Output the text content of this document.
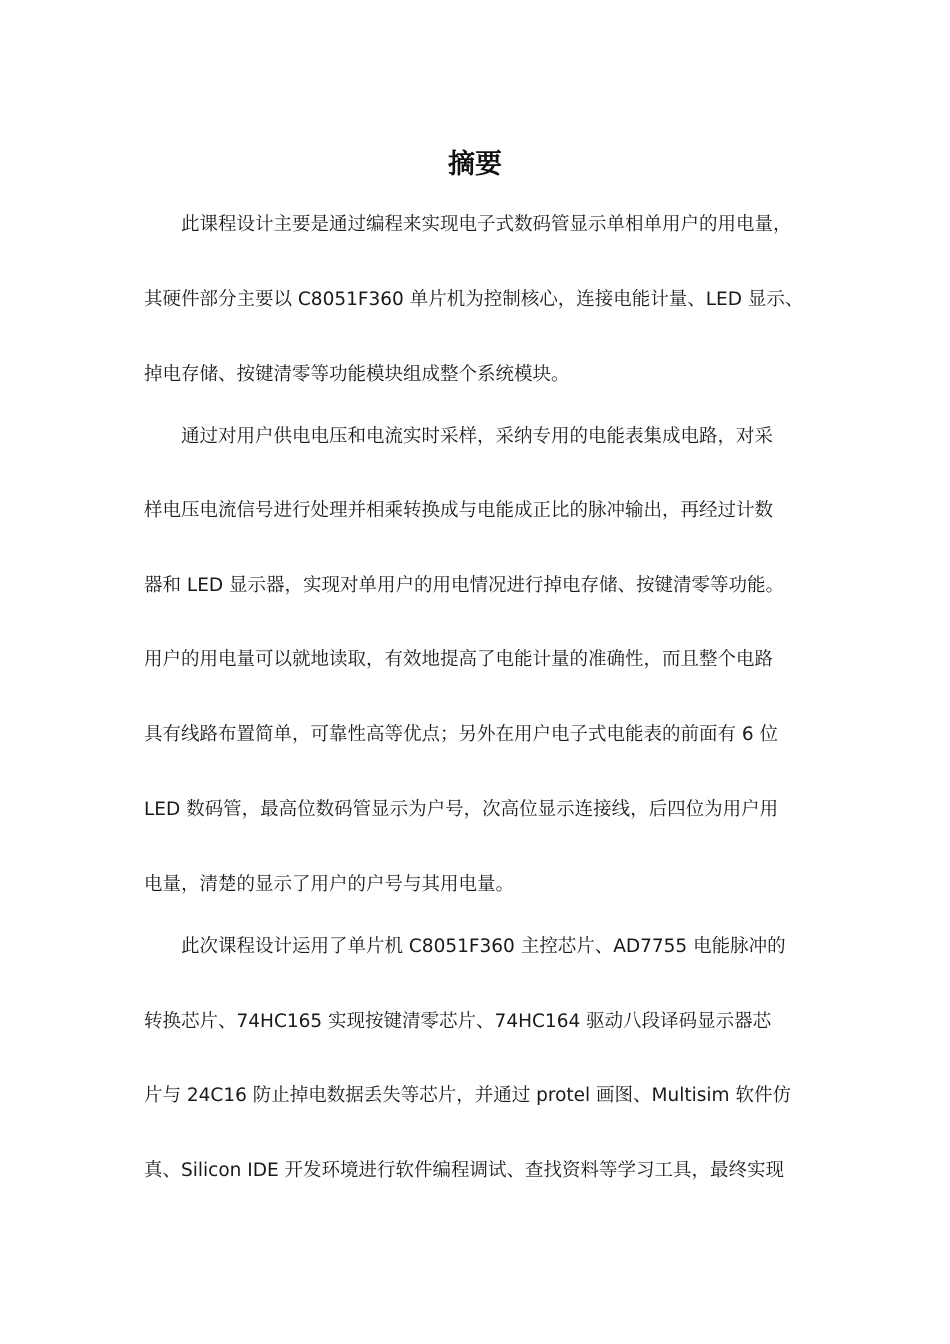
摘要
此课程设计主要是通过编程来实现电子式数码管显示单相单用户的用电量，
其硬件部分主要以 C8051F360 单片机为控制核心，连接电能计量、LED 显示、
掉电存储、按键清零等功能模块组成整个系统模块。
通过对用户供电电压和电流实时采样，采纳专用的电能表集成电路，对采
样电压电流信号进行处理并相乘转换成与电能成正比的脉冲输出，再经过计数
器和 LED 显示器，实现对单用户的用电情况进行掉电存储、按键清零等功能。
用户的用电量可以就地读取，有效地提高了电能计量的准确性，而且整个电路
具有线路布置简单，可靠性高等优点；另外在用户电子式电能表的前面有 6 位
LED 数码管，最高位数码管显示为户号，次高位显示连接线，后四位为用户用
电量，清楚的显示了用户的户号与其用电量。
此次课程设计运用了单片机 C8051F360 主控芯片、AD7755 电能脉冲的
转换芯片、74HC165 实现按键清零芯片、74HC164 驱动八段译码显示器芯
片与 24C16 防止掉电数据丢失等芯片，并通过 protel 画图、Multisim 软件仿
真、Silicon IDE 开发环境进行软件编程调试、查找资料等学习工具，最终实现
